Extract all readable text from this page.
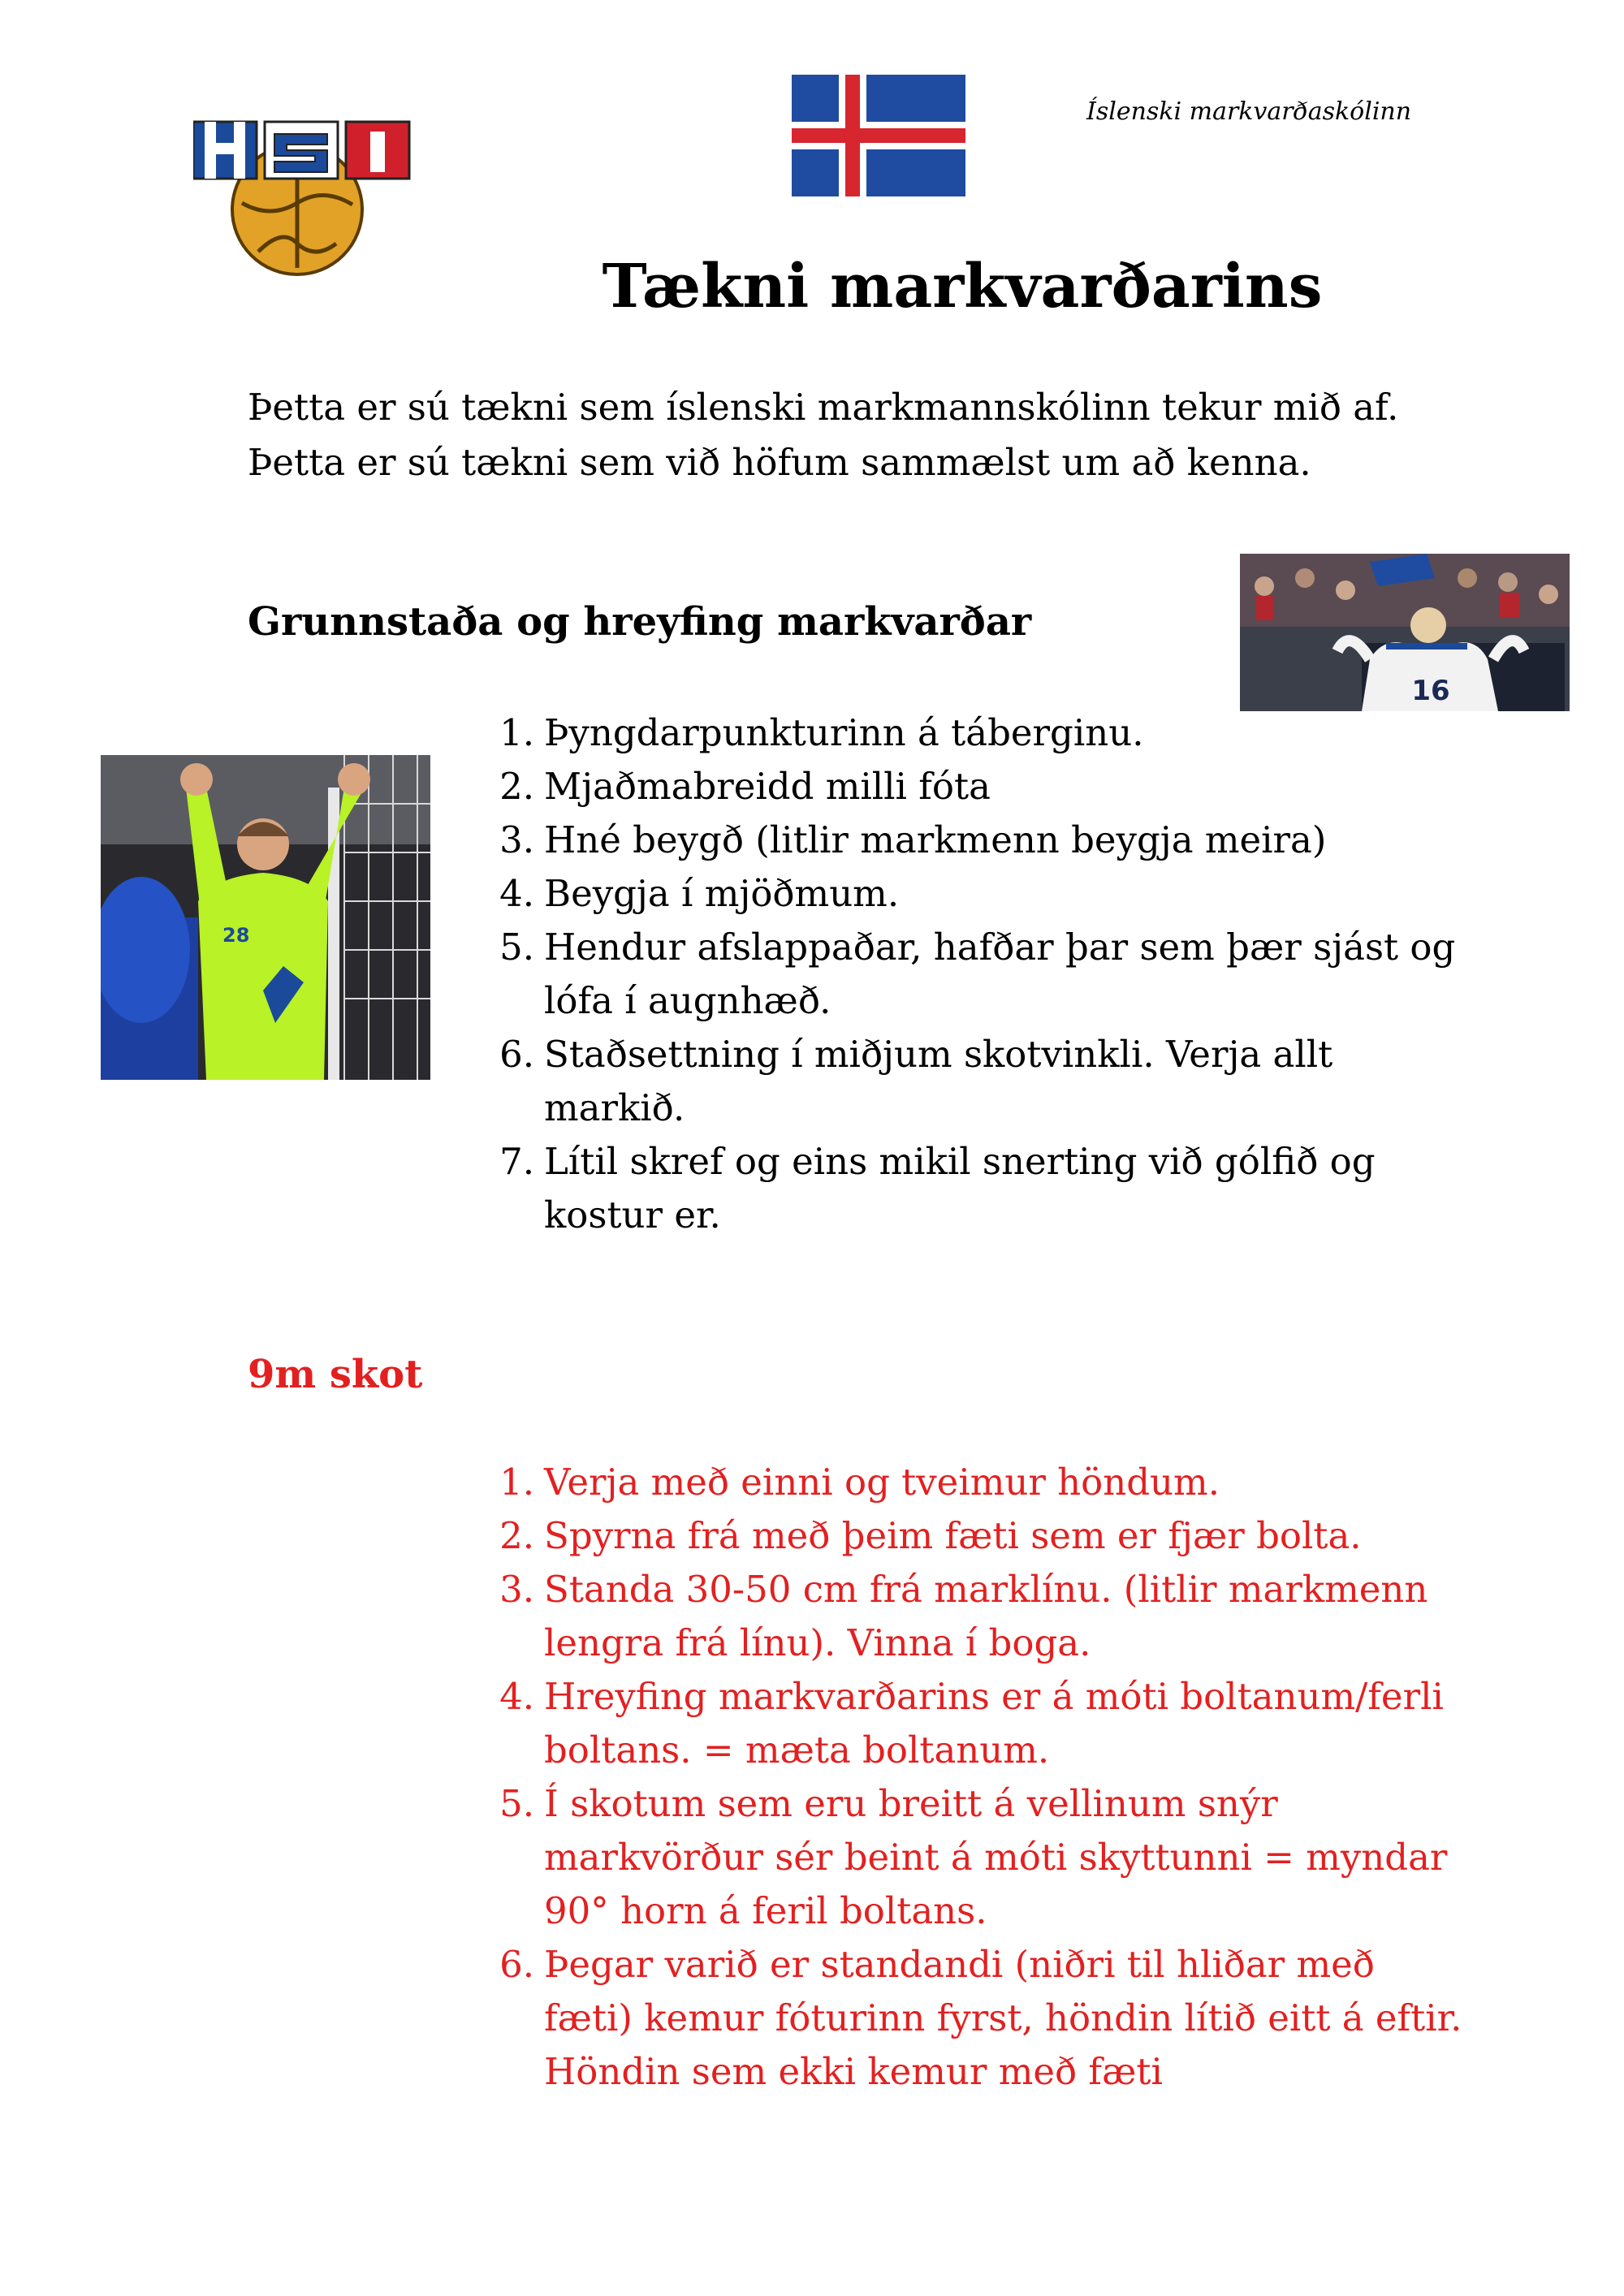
Íslenski markvarðaskólinn
Tækni markvarðarins
Þetta er sú tækni sem íslenski markmannskólinn tekur mið af. Þetta er sú tækni sem við höfum sammælst um að kenna.
16
28
Grunnstaða og hreyfing markvarðar
1. Þyngdarpunkturinn á táberginu.
2. Mjaðmabreidd milli fóta
3. Hné beygð (litlir markmenn beygja meira)
4. Beygja í mjöðmum.
5. Hendur afslappaðar, hafðar þar sem þær sjást og lófa í augnhæð.
6. Staðsettning í miðjum skotvinkli. Verja allt markið.
7. Lítil skref og eins mikil snerting við gólfið og kostur er.
9m skot
1. Verja með einni og tveimur höndum.
2. Spyrna frá með þeim fæti sem er fjær bolta.
3. Standa 30-50 cm frá marklínu. (litlir markmenn lengra frá línu). Vinna í boga.
4. Hreyfing markvarðarins er á móti boltanum/ferli boltans. = mæta boltanum.
5. Í skotum sem eru breitt á vellinum snýr markvörður sér beint á móti skyttunni = myndar 90° horn á feril boltans.
6. Þegar varið er standandi (niðri til hliðar með fæti) kemur fóturinn fyrst, höndin lítið eitt á eftir. Höndin sem ekki kemur með fæti
